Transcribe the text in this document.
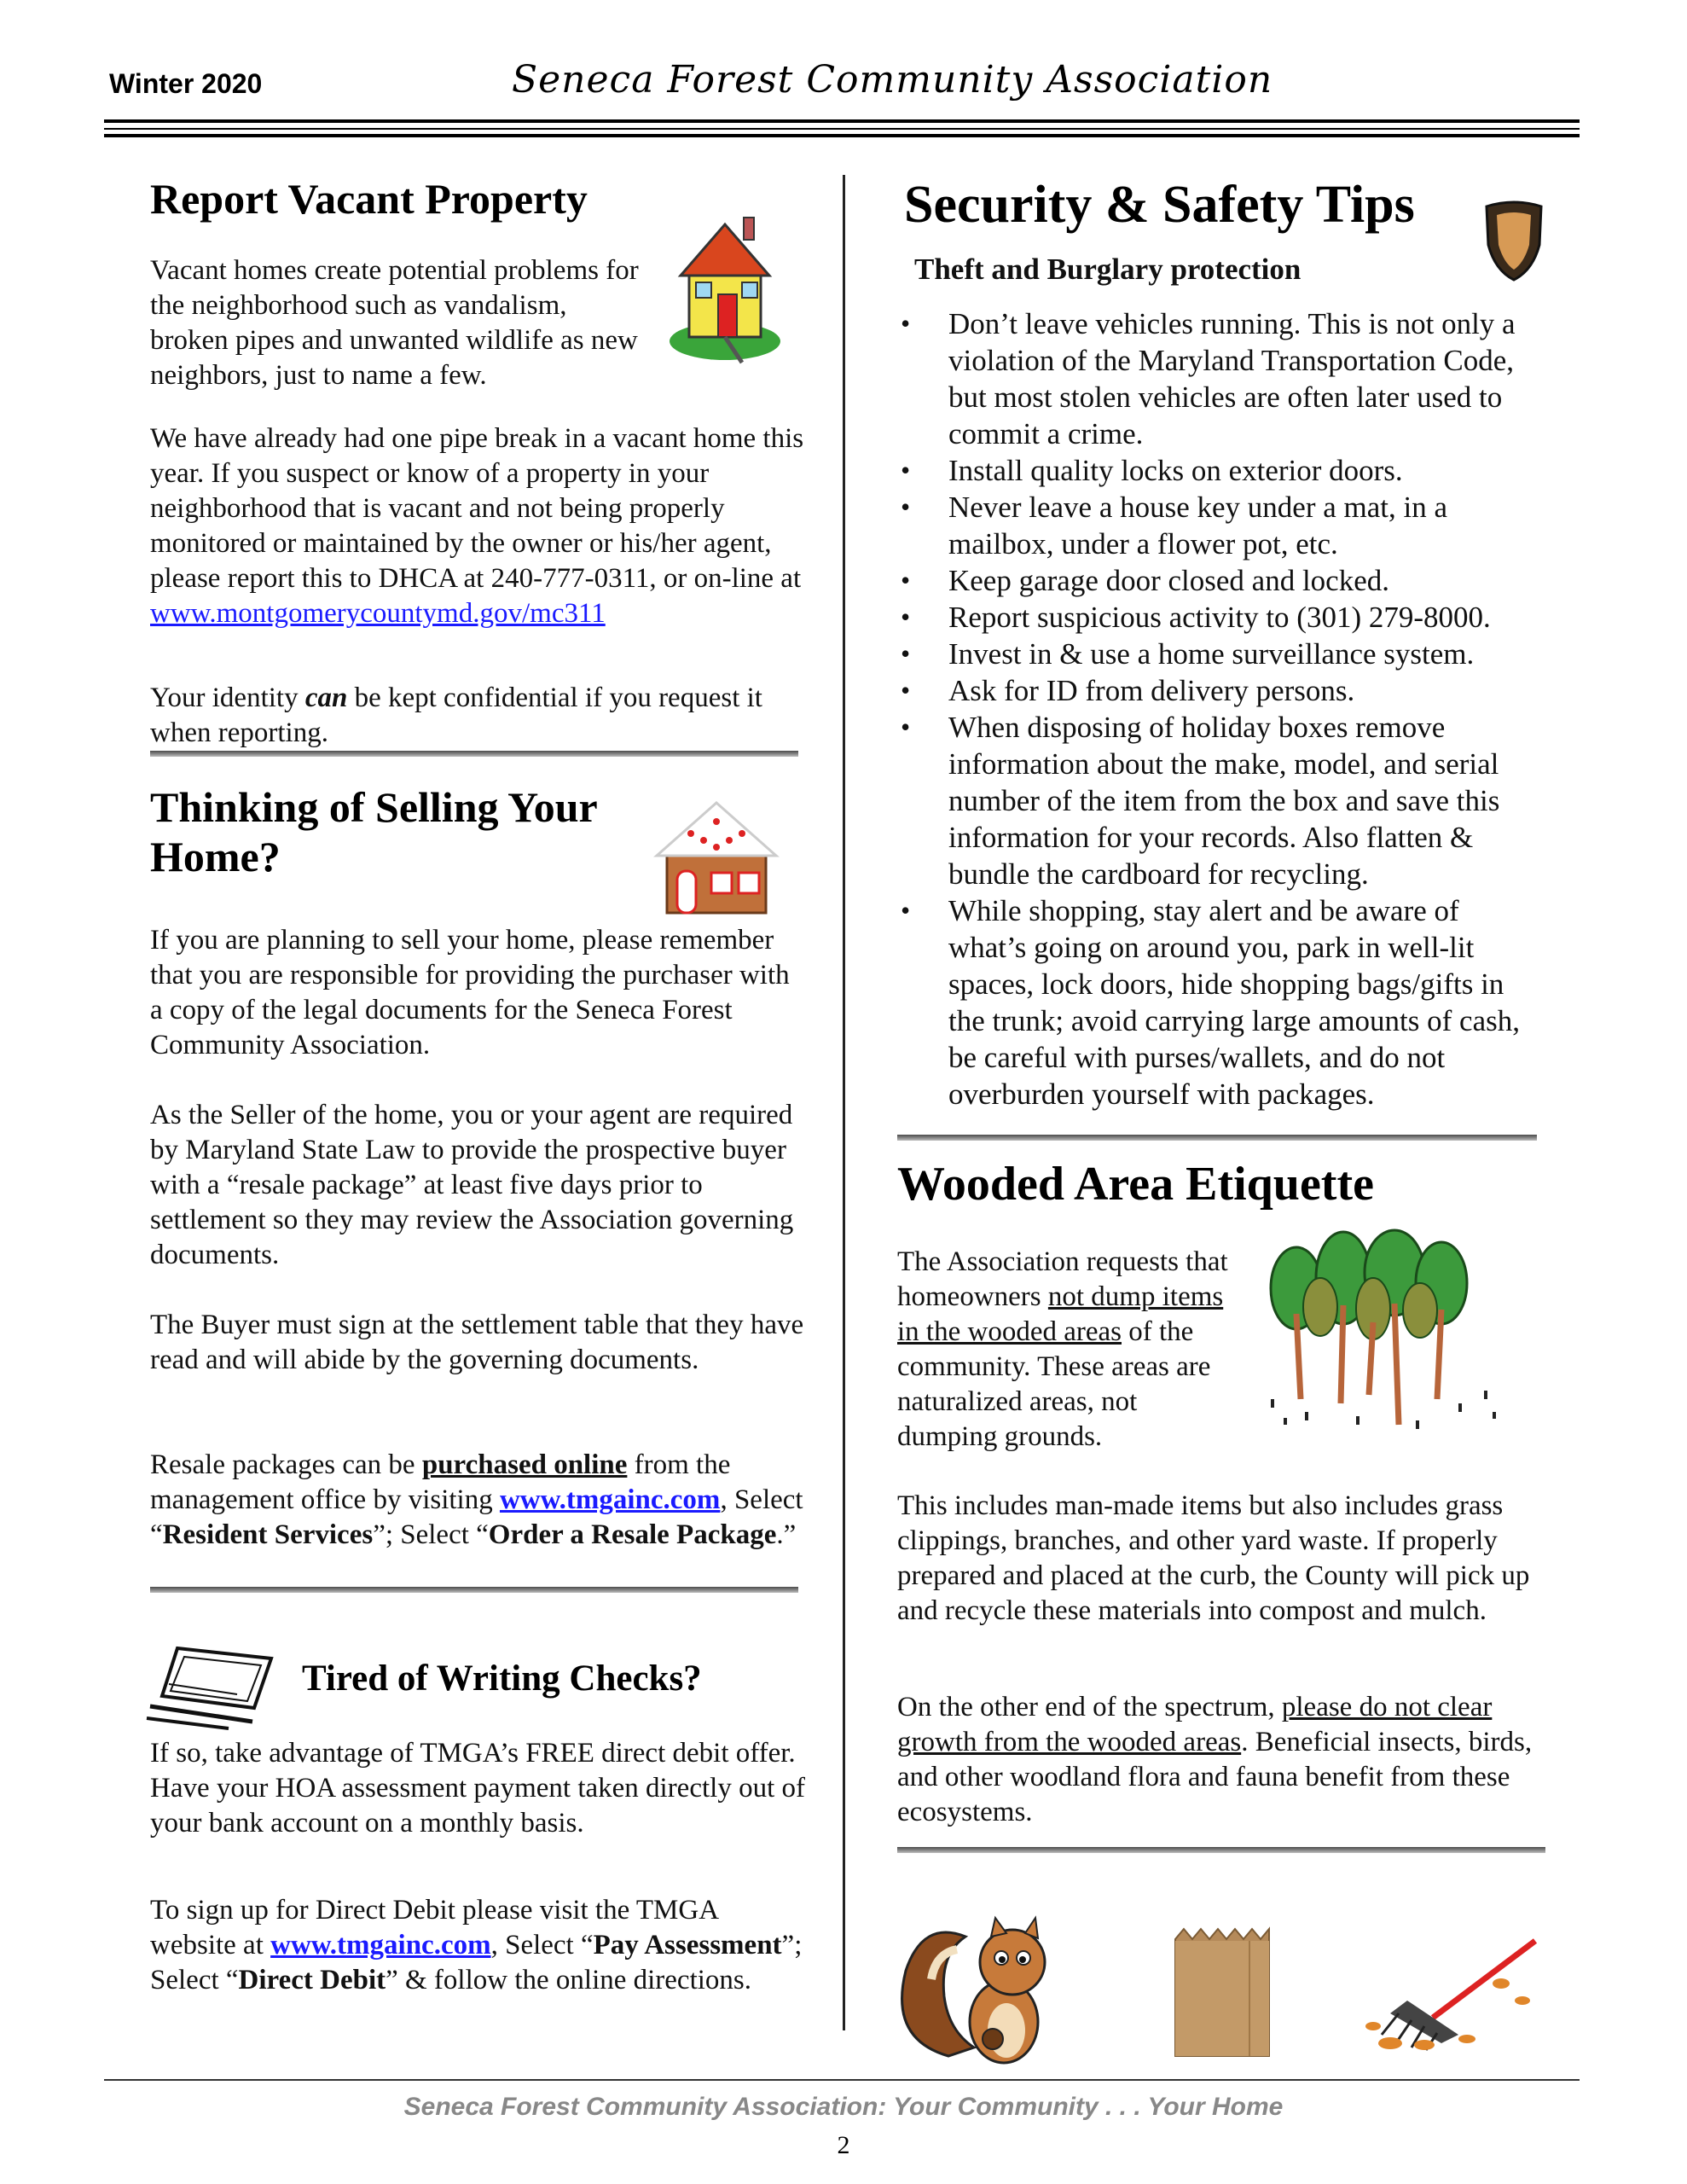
Winter 2020	Seneca Forest Community Association
Report Vacant Property
Vacant homes create potential problems for the neighborhood such as vandalism, broken pipes and unwanted wildlife as new neighbors, just to name a few.

We have already had one pipe break in a vacant home this year. If you suspect or know of a property in your neighborhood that is vacant and not being properly monitored or maintained by the owner or his/her agent, please report this to DHCA at 240-777-0311, or on-line at
www.montgomerycountymd.gov/mc311

Your identity can be kept confidential if you request it when reporting.
Thinking of Selling Your Home?
If you are planning to sell your home, please remember that you are responsible for providing the purchaser with a copy of the legal documents for the Seneca Forest Community Association.
As the Seller of the home, you or your agent are required by Maryland State Law to provide the prospective buyer with a “resale package” at least five days prior to settlement so they may review the Association governing documents.
The Buyer must sign at the settlement table that they have read and will abide by the governing documents.
Resale packages can be purchased online from the management office by visiting www.tmgainc.com, Select “Resident Services”; Select “Order a Resale Package.”
Tired of Writing Checks?
If so, take advantage of TMGA’s FREE direct debit offer. Have your HOA assessment payment taken directly out of your bank account on a monthly basis.
To sign up for Direct Debit please visit the TMGA website at www.tmgainc.com, Select “Pay Assessment”; Select “Direct Debit” & follow the online directions.
Security & Safety Tips
Theft and Burglary protection
• Don’t leave vehicles running. This is not only a violation of the Maryland Transportation Code, but most stolen vehicles are often later used to commit a crime.
• Install quality locks on exterior doors.
• Never leave a house key under a mat, in a mailbox, under a flower pot, etc.
• Keep garage door closed and locked.
• Report suspicious activity to (301) 279-8000.
• Invest in & use a home surveillance system.
• Ask for ID from delivery persons.
• When disposing of holiday boxes remove information about the make, model, and serial number of the item from the box and save this information for your records. Also flatten & bundle the cardboard for recycling.
• While shopping, stay alert and be aware of what’s going on around you, park in well-lit spaces, lock doors, hide shopping bags/gifts in the trunk; avoid carrying large amounts of cash, be careful with purses/wallets, and do not overburden yourself with packages.
Wooded Area Etiquette
The Association requests that homeowners not dump items in the wooded areas of the community. These areas are naturalized areas, not dumping grounds.
This includes man-made items but also includes grass clippings, branches, and other yard waste. If properly prepared and placed at the curb, the County will pick up and recycle these materials into compost and mulch.
On the other end of the spectrum, please do not clear growth from the wooded areas. Beneficial insects, birds, and other woodland flora and fauna benefit from these ecosystems.
Seneca Forest Community Association: Your Community . . . Your Home
2
